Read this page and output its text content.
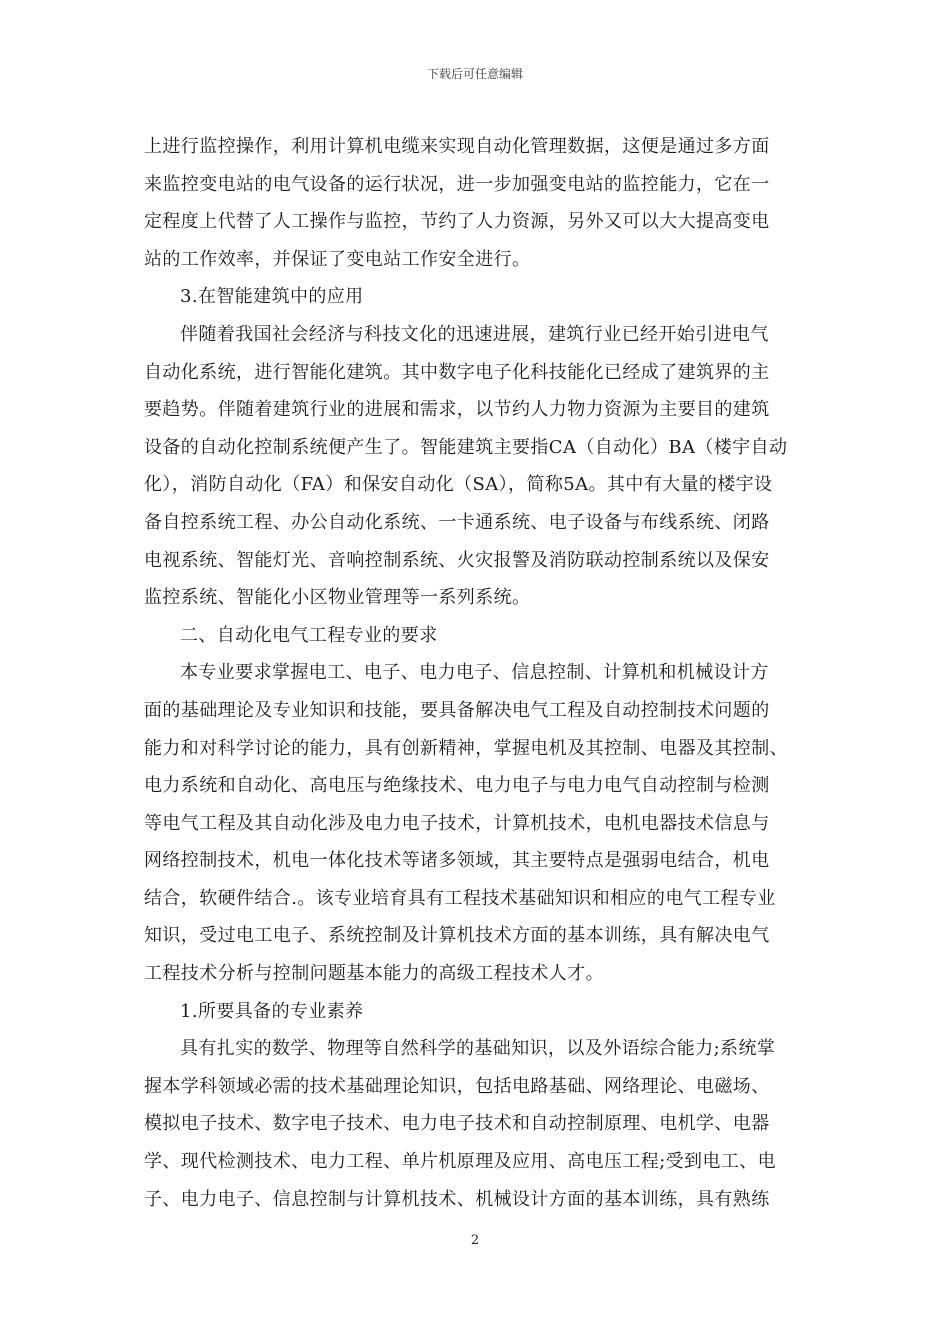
下载后可任意编辑
上进行监控操作，利用计算机电缆来实现自动化管理数据，这便是通过多方面
来监控变电站的电气设备的运行状况，进一步加强变电站的监控能力，它在一
定程度上代替了人工操作与监控，节约了人力资源，另外又可以大大提高变电
站的工作效率，并保证了变电站工作安全进行。
3.在智能建筑中的应用
伴随着我国社会经济与科技文化的迅速进展，建筑行业已经开始引进电气
自动化系统，进行智能化建筑。其中数字电子化科技能化已经成了建筑界的主
要趋势。伴随着建筑行业的进展和需求，以节约人力物力资源为主要目的建筑
设备的自动化控制系统便产生了。智能建筑主要指CA（自动化）BA（楼宇自动
化），消防自动化（FA）和保安自动化（SA），简称5A。其中有大量的楼宇设
备自控系统工程、办公自动化系统、一卡通系统、电子设备与布线系统、闭路
电视系统、智能灯光、音响控制系统、火灾报警及消防联动控制系统以及保安
监控系统、智能化小区物业管理等一系列系统。
二、自动化电气工程专业的要求
本专业要求掌握电工、电子、电力电子、信息控制、计算机和机械设计方
面的基础理论及专业知识和技能，要具备解决电气工程及自动控制技术问题的
能力和对科学讨论的能力，具有创新精神，掌握电机及其控制、电器及其控制、
电力系统和自动化、高电压与绝缘技术、电力电子与电力电气自动控制与检测
等电气工程及其自动化涉及电力电子技术，计算机技术，电机电器技术信息与
网络控制技术，机电一体化技术等诸多领域，其主要特点是强弱电结合，机电
结合，软硬件结合.。该专业培育具有工程技术基础知识和相应的电气工程专业
知识，受过电工电子、系统控制及计算机技术方面的基本训练，具有解决电气
工程技术分析与控制问题基本能力的高级工程技术人才。
1.所要具备的专业素养
具有扎实的数学、物理等自然科学的基础知识，以及外语综合能力;系统掌
握本学科领域必需的技术基础理论知识，包括电路基础、网络理论、电磁场、
模拟电子技术、数字电子技术、电力电子技术和自动控制原理、电机学、电器
学、现代检测技术、电力工程、单片机原理及应用、高电压工程;受到电工、电
子、电力电子、信息控制与计算机技术、机械设计方面的基本训练，具有熟练
2
